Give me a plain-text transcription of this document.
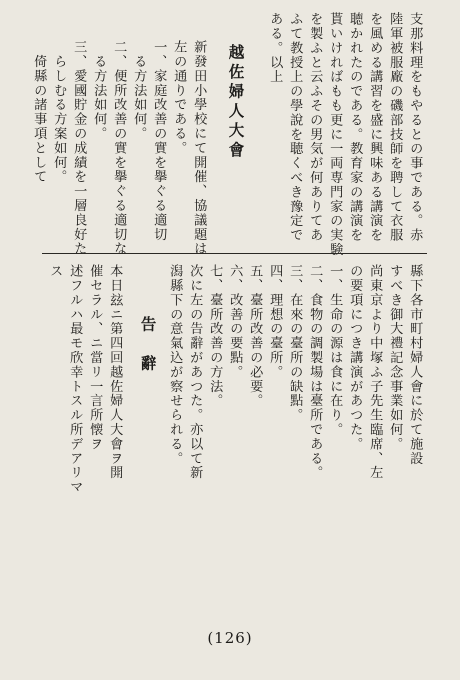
支那料理をもやるとの事である。赤
陸軍被服廠の磯部技師を聘して衣服
を風める講習を盛に興味ある講演を
聴かれたのである。教育家の講演を
貰いければもも更に一両専門家の実験
を製ふと云ふその男気が何ありてあ
ふて教授上の學說を聴くべき豫定で
ある。以上
越佐婦人大會
新發田小學校にて開催、協議題は
左の通りである。
一、家庭改善の實を擧ぐる適切
　る方法如何。
二、便所改善の實を擧ぐる適切な
　る方法如何。
三、愛國貯金の成績を一層良好た
　らしむる方案如何。
　倚縣の諸事項として
縣下各市町村婦人會に於て施設
すべき御大禮記念事業如何。
尚東京より中塚ふ子先生臨席、左
の要項につき講演があつた。
一、生命の源は食に在り。
二、食物の調製場は臺所である。
三、在來の臺所の缺點。
四、理想の臺所。
五、臺所改善の必要。
六、改善の要點。
七、臺所改善の方法。
次に左の告辭があつた。亦以て新
潟縣下の意氣込が察せられる。
告　辭
本日玆ニ第四回越佐婦人大會ヲ開
催セラル、ニ當リ一言所懐ヲ
述フルハ最モ欣幸トスル所デアリマ
ス
(126)
